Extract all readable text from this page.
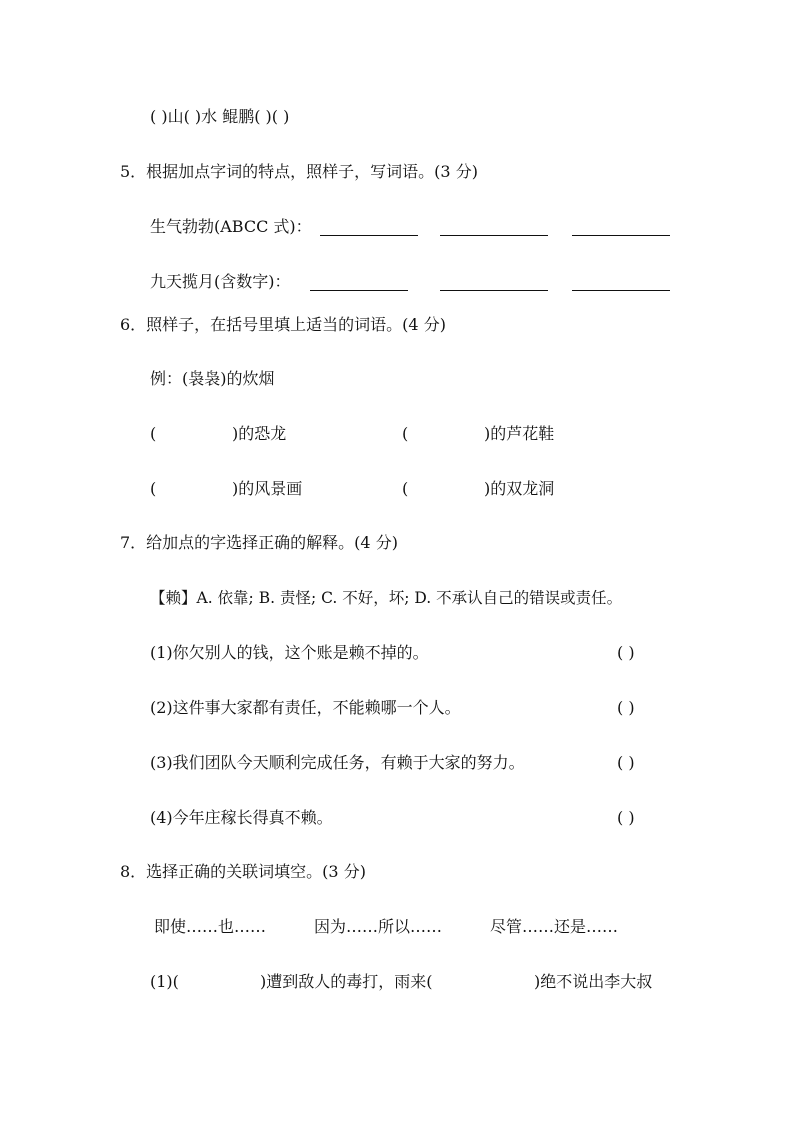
( )山( )水 鲲鹏( )( )
5．根据加点字词的特点，照样子，写词语。(3 分)
生气勃勃(ABCC 式)：
九天揽月(含数字)：
6．照样子，在括号里填上适当的词语。(4 分)
例：(袅袅)的炊烟
(	)的恐龙	(	)的芦花鞋
(	)的风景画	(	)的双龙洞
7．给加点的字选择正确的解释。(4 分)
【赖】A. 依靠; B. 责怪; C. 不好，坏; D. 不承认自己的错误或责任。
(1)你欠别人的钱，这个账是赖不掉的。	( )
(2)这件事大家都有责任，不能赖哪一个人。	( )
(3)我们团队今天顺利完成任务，有赖于大家的努力。	( )
(4)今年庄稼长得真不赖。	( )
8．选择正确的关联词填空。(3 分)
即使……也……	因为……所以……	尽管……还是……
(1)(	)遭到敌人的毒打，雨来(	)绝不说出李大叔
